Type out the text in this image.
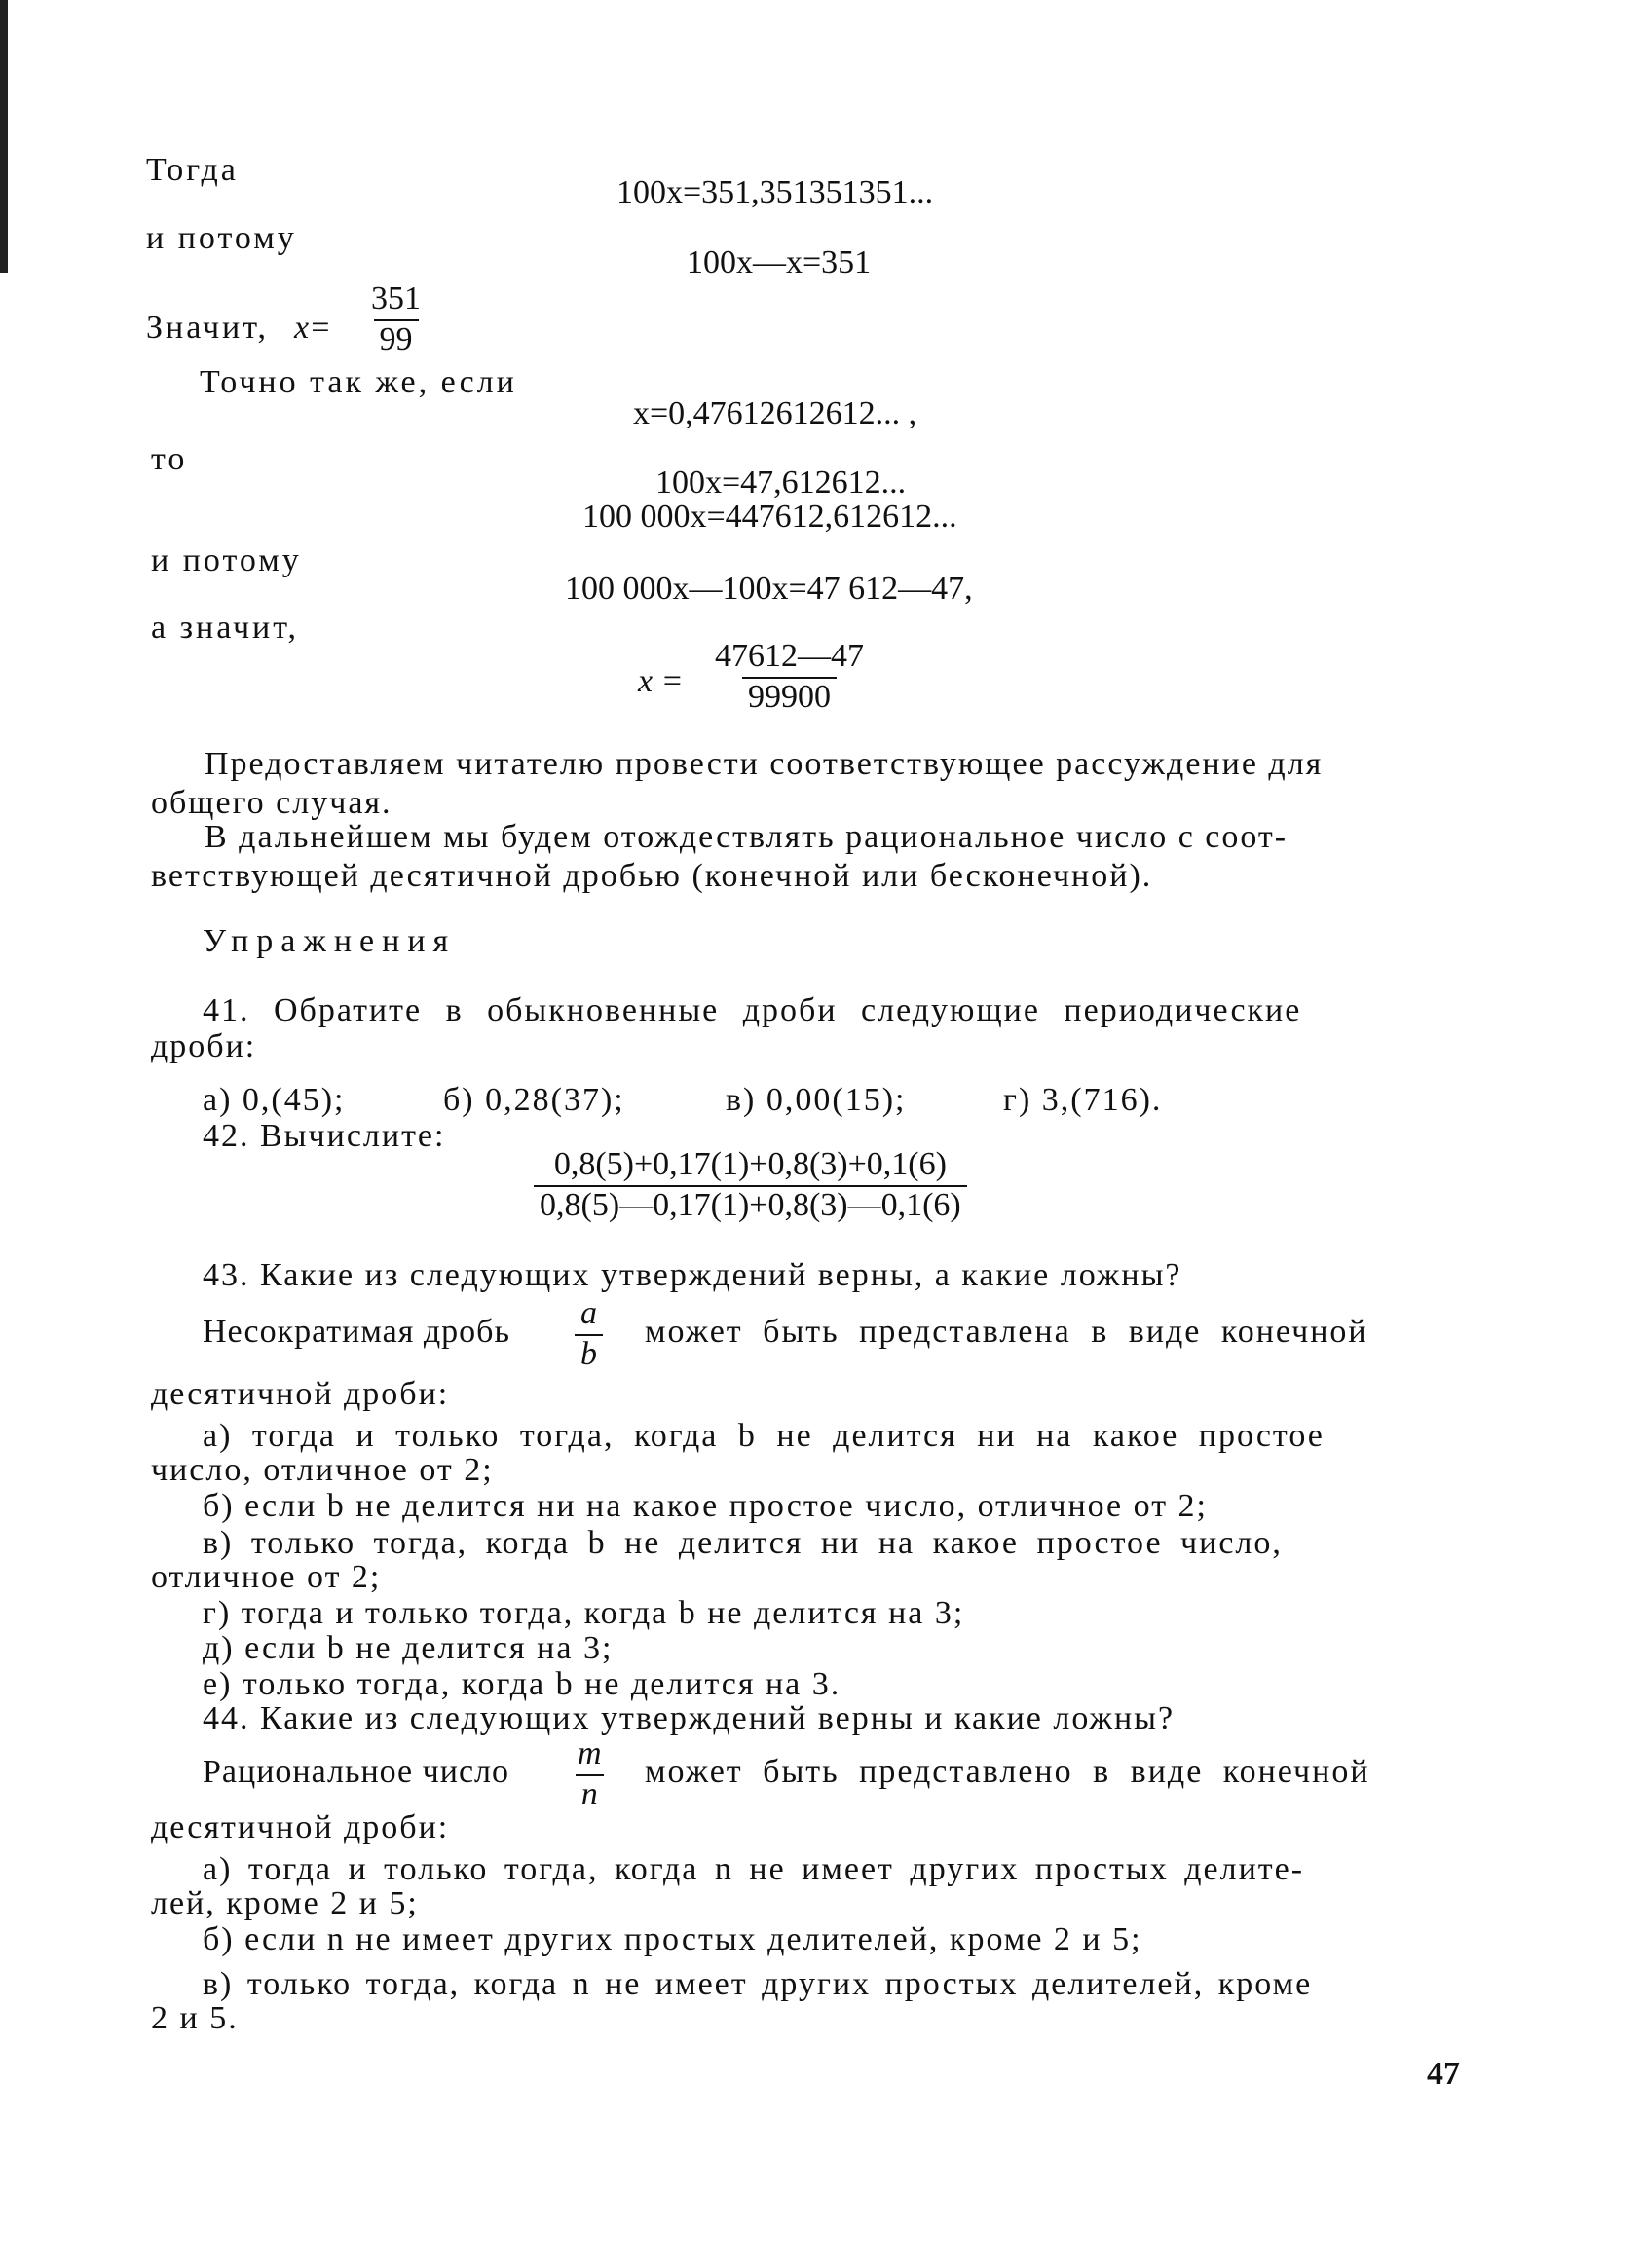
Тогда
и потому
Значит,
Точно так же, если
то
и потому
а значит,
100x=351,351351351...
100x—x=351
$x= \frac{351}{99}$
x=0,47612612612... ,
100x=47,612612...
100 000x=447612,612612...
100 000x—100x=47 612—47,
$x = \frac{47612—47}{99900}$
Предоставляем читателю провести соответствующее рассуждение для
общего случая.
В дальнейшем мы будем отождествлять рациональное число с соот-
ветствующей десятичной дробью (конечной или бесконечной).
Упражнения
41. Обратите в обыкновенные дроби следующие периодические
дроби:
а) 0,(45);	б) 0,28(37);	в) 0,00(15);	г) 3,(716).
42. Вычислите:
$\frac{0,8(5)+0,17(1)+0,8(3)+0,1(6)}{0,8(5)—0,17(1)+0,8(3)—0,1(6)}$
43. Какие из следующих утверждений верны, а какие ложны?
Несократимая дробь $\frac{a}{b}$ может быть представлена в виде конечной
десятичной дроби:
а) тогда и только тогда, когда b не делится ни на какое простое
число, отличное от 2;
б) если b не делится ни на какое простое число, отличное от 2;
в) только тогда, когда b не делится ни на какое простое число,
отличное от 2;
г) тогда и только тогда, когда b не делится на 3;
д) если b не делится на 3;
е) только тогда, когда b не делится на 3.
44. Какие из следующих утверждений верны и какие ложны?
Рациональное число $\frac{m}{n}$ может быть представлено в виде конечной
десятичной дроби:
а) тогда и только тогда, когда n не имеет других простых делите-
лей, кроме 2 и 5;
б) если n не имеет других простых делителей, кроме 2 и 5;
в) только тогда, когда n не имеет других простых делителей, кроме
2 и 5.
47
